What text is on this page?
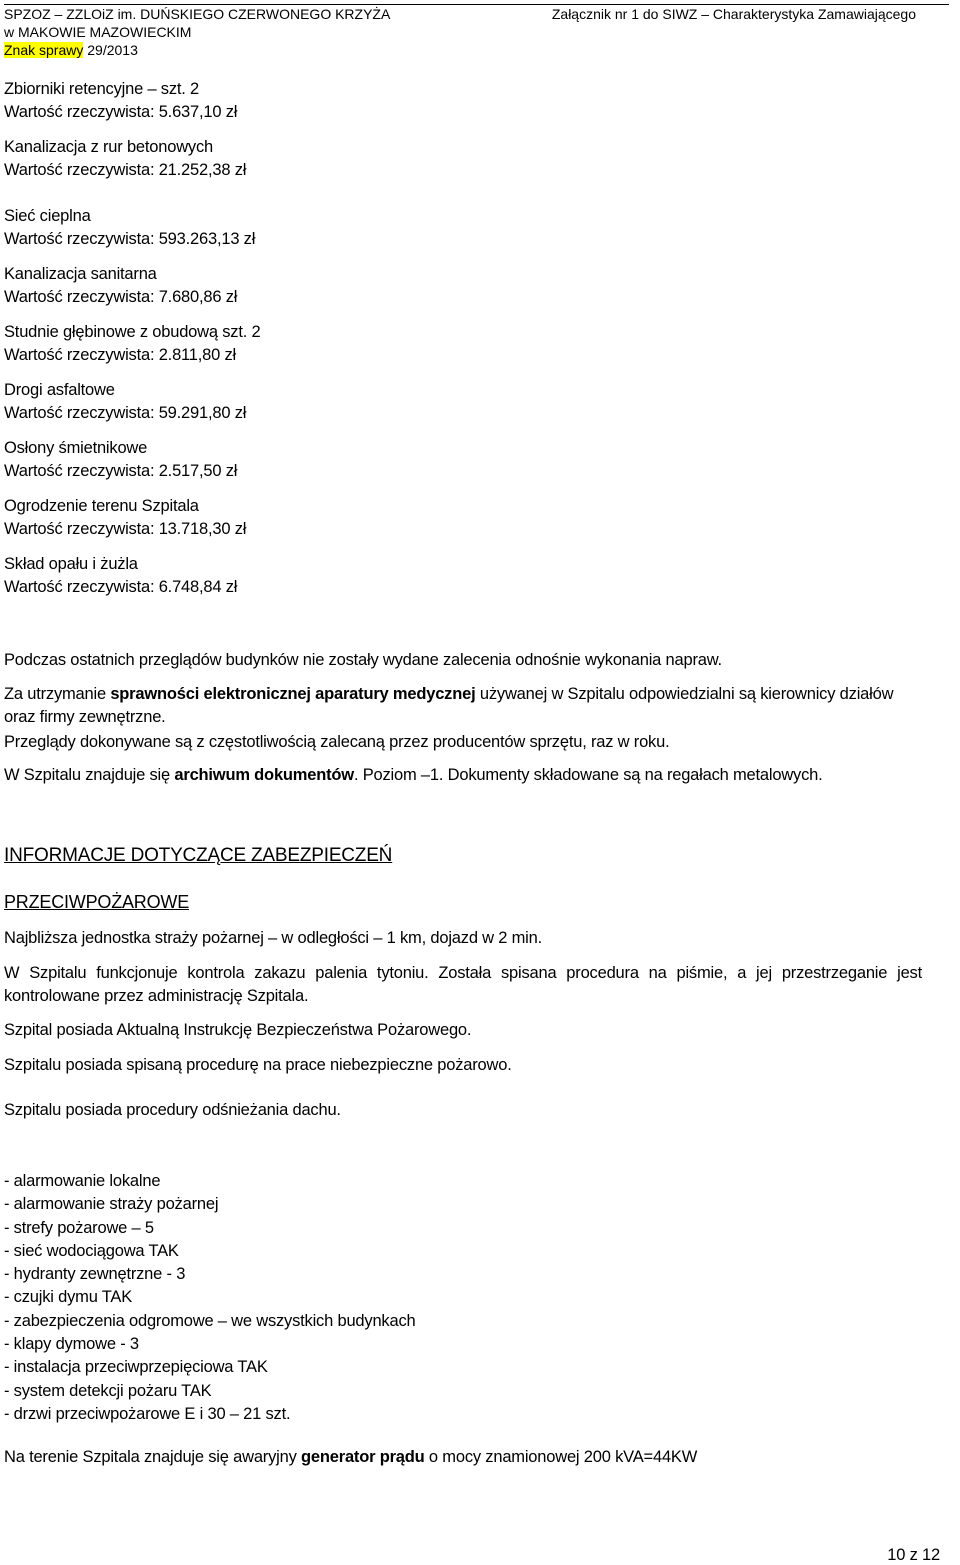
SPZOZ – ZZLOiZ im. DUŃSKIEGO CZERWONEGO KRZYŻA
w MAKOWIE MAZOWIECKIM
Znak sprawy 29/2013
Załącznik nr 1 do SIWZ – Charakterystyka Zamawiającego
Zbiorniki retencyjne – szt. 2
Wartość rzeczywista: 5.637,10 zł
Kanalizacja z rur betonowych
Wartość rzeczywista: 21.252,38 zł
Sieć cieplna
Wartość rzeczywista: 593.263,13 zł
Kanalizacja sanitarna
Wartość rzeczywista: 7.680,86 zł
Studnie głębinowe z obudową szt. 2
Wartość rzeczywista: 2.811,80 zł
Drogi asfaltowe
Wartość rzeczywista: 59.291,80 zł
Osłony śmietnikowe
Wartość rzeczywista: 2.517,50 zł
Ogrodzenie terenu Szpitala
Wartość rzeczywista: 13.718,30 zł
Skład opału i żużla
Wartość rzeczywista: 6.748,84 zł
Podczas ostatnich przeglądów budynków nie zostały wydane zalecenia odnośnie wykonania napraw.
Za utrzymanie sprawności elektronicznej aparatury medycznej używanej w Szpitalu odpowiedzialni są kierownicy działów oraz firmy zewnętrzne.
Przeglądy dokonywane są z częstotliwością zalecaną przez producentów sprzętu, raz w roku.
W Szpitalu znajduje się archiwum dokumentów. Poziom –1. Dokumenty składowane są na regałach metalowych.
INFORMACJE DOTYCZĄCE ZABEZPIECZEŃ
PRZECIWPOŻAROWE
Najbliższa jednostka straży pożarnej – w odległości – 1 km, dojazd w 2 min.
W Szpitalu funkcjonuje kontrola zakazu palenia tytoniu. Została spisana procedura na piśmie, a jej przestrzeganie jest kontrolowane przez administrację Szpitala.
Szpital posiada Aktualną Instrukcję Bezpieczeństwa Pożarowego.
Szpitalu posiada spisaną procedurę na prace niebezpieczne pożarowo.
Szpitalu posiada procedury odśnieżania dachu.
- alarmowanie lokalne
- alarmowanie straży pożarnej
- strefy pożarowe – 5
- sieć wodociągowa TAK
- hydranty zewnętrzne - 3
- czujki dymu TAK
- zabezpieczenia odgromowe – we wszystkich budynkach
- klapy dymowe - 3
- instalacja przeciwprzepięciowa TAK
- system detekcji pożaru TAK
- drzwi przeciwpożarowe E i 30 – 21 szt.
Na terenie Szpitala znajduje się awaryjny generator prądu o mocy znamionowej 200 kVA=44KW
10 z 12
